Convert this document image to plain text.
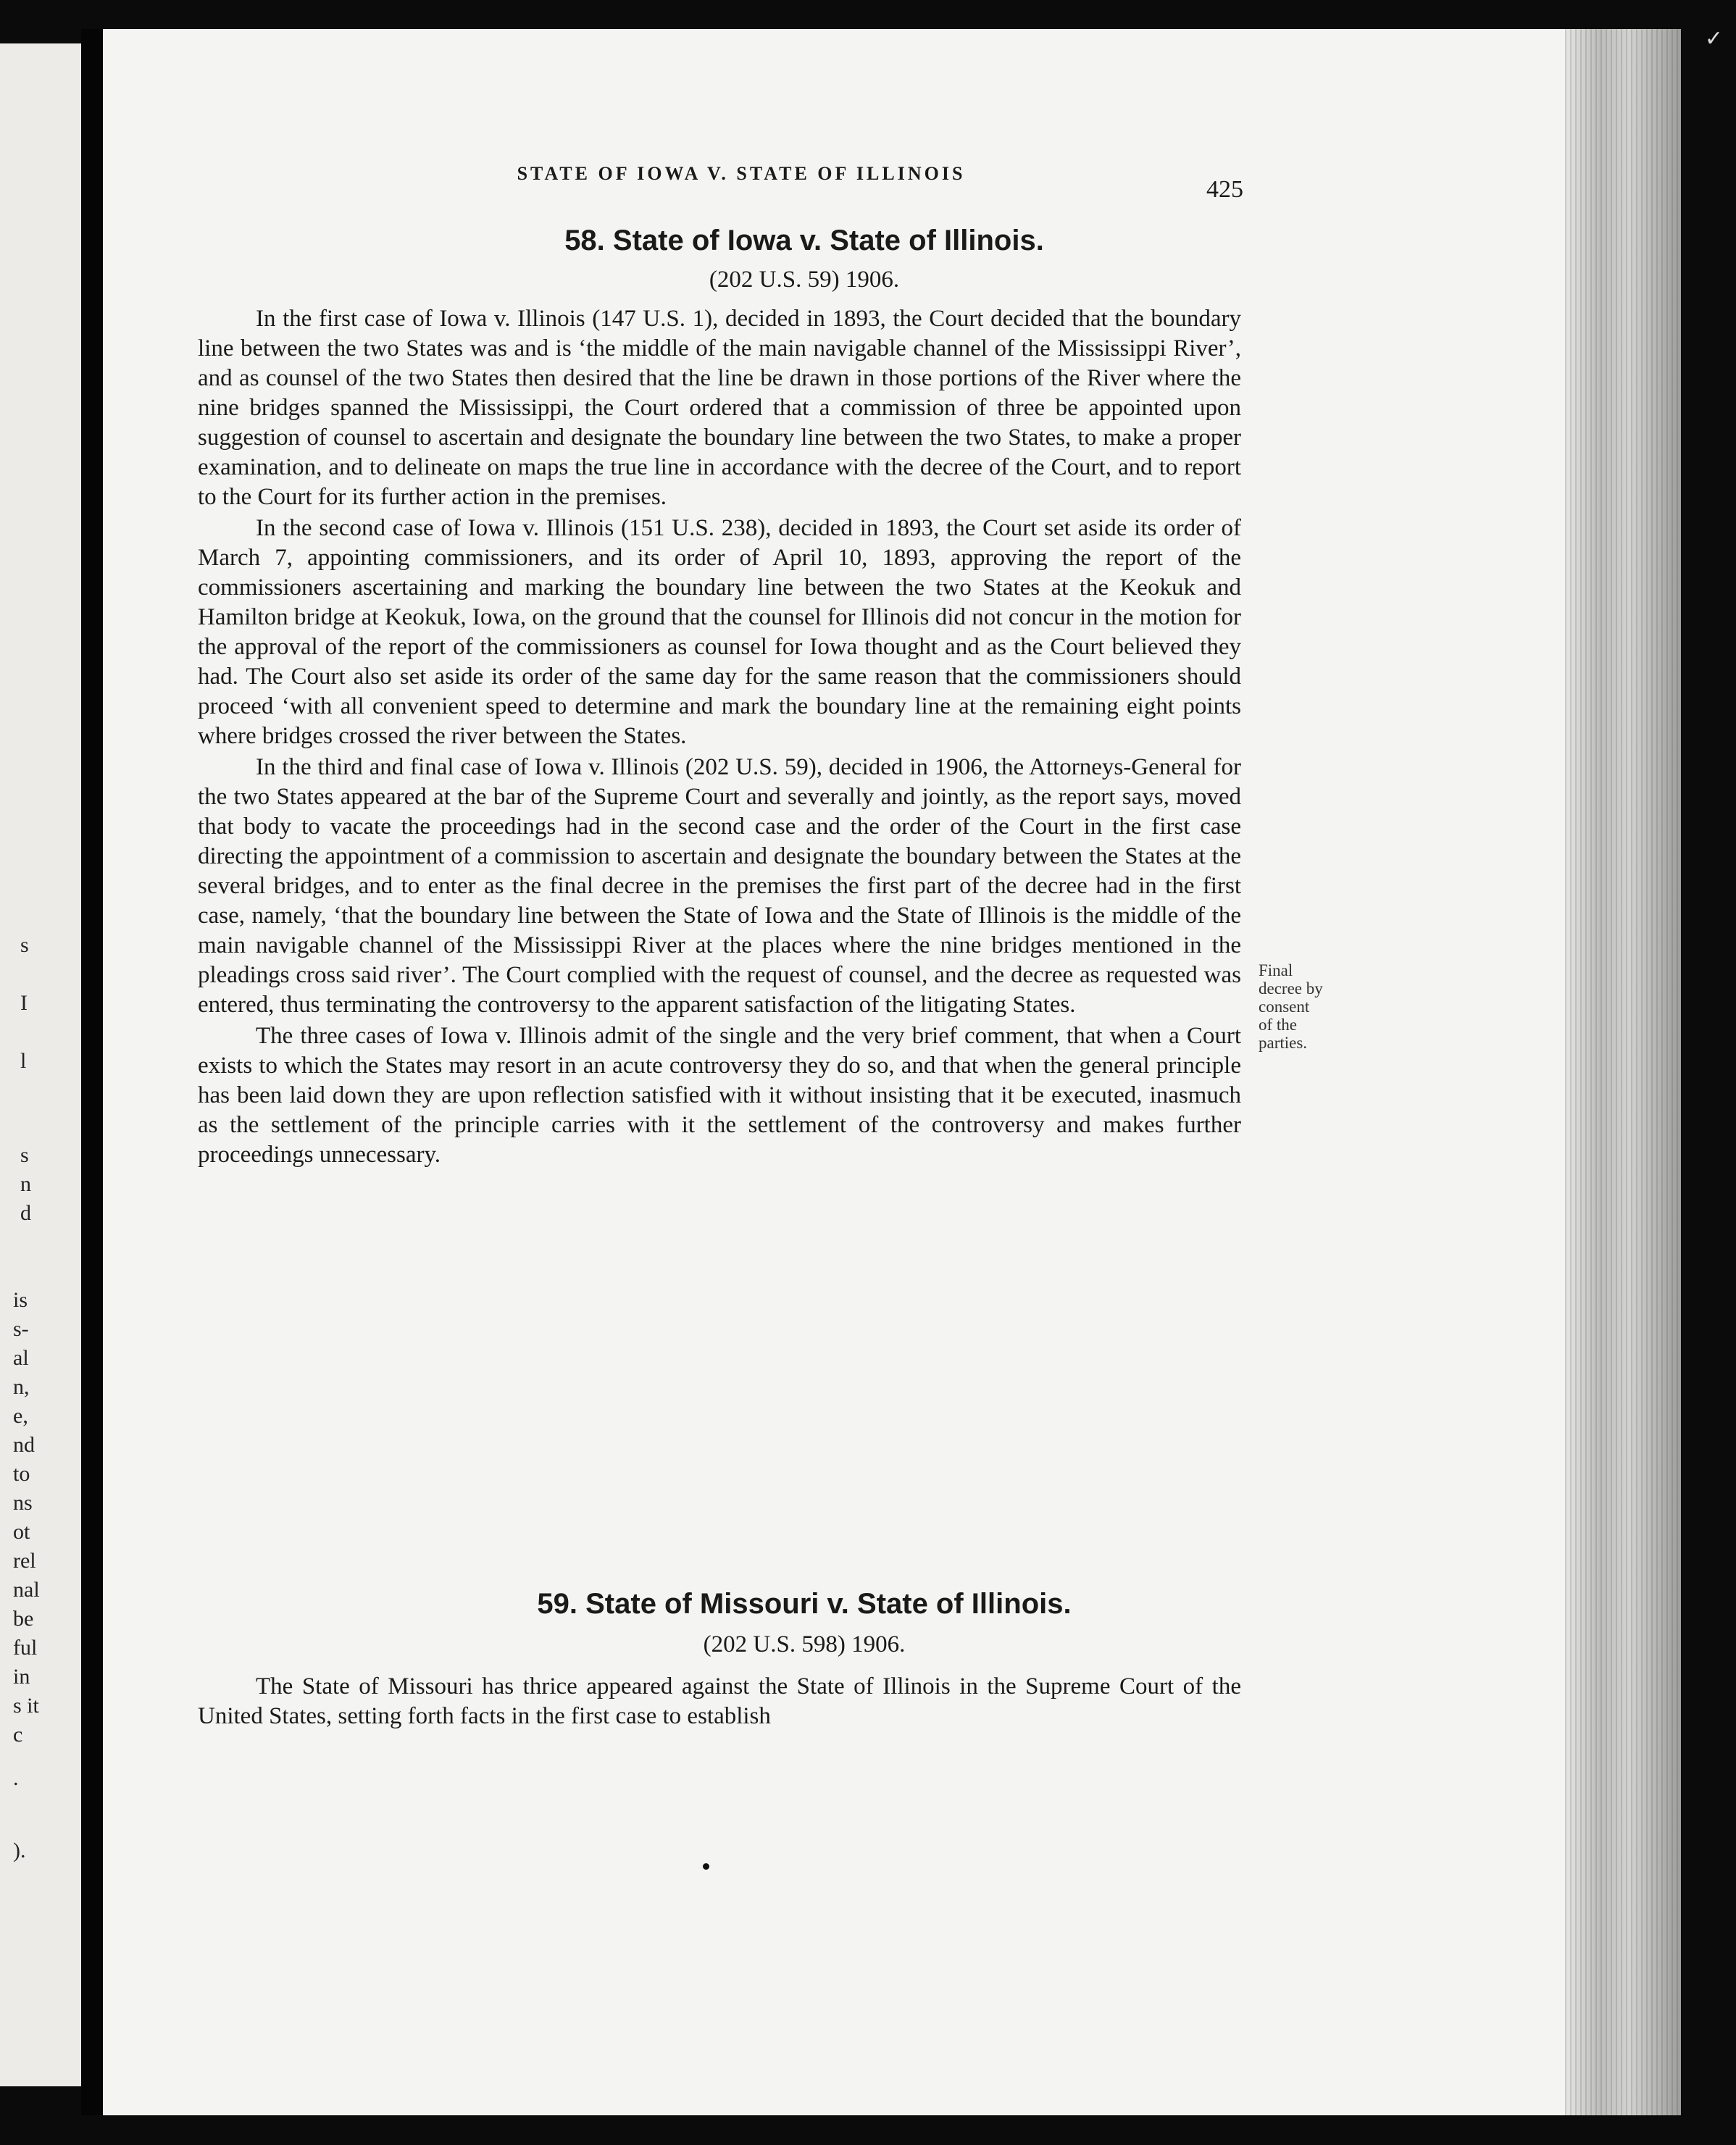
s
I
l
s
n
d
is
s-
al
n,
e,
nd
to
ns
ot
rel
nal
be
ful
in
s it
c
.
).
✓
STATE OF IOWA V. STATE OF ILLINOIS
425
58. State of Iowa v. State of Illinois.
(202 U.S. 59) 1906.

In the first case of Iowa v. Illinois (147 U.S. 1), decided in 1893, the Court decided that the boundary line between the two States was and is ‘the middle of the main navigable channel of the Mississippi River’, and as counsel of the two States then desired that the line be drawn in those portions of the River where the nine bridges spanned the Mississippi, the Court ordered that a commission of three be appointed upon suggestion of counsel to ascertain and designate the boundary line between the two States, to make a proper examination, and to delineate on maps the true line in accordance with the decree of the Court, and to report to the Court for its further action in the premises.

In the second case of Iowa v. Illinois (151 U.S. 238), decided in 1893, the Court set aside its order of March 7, appointing commissioners, and its order of April 10, 1893, approving the report of the commissioners ascertaining and marking the boundary line between the two States at the Keokuk and Hamilton bridge at Keokuk, Iowa, on the ground that the counsel for Illinois did not concur in the motion for the approval of the report of the commissioners as counsel for Iowa thought and as the Court believed they had. The Court also set aside its order of the same day for the same reason that the commissioners should proceed ‘with all convenient speed to determine and mark the boundary line at the remaining eight points where bridges crossed the river between the States.

In the third and final case of Iowa v. Illinois (202 U.S. 59), decided in 1906, the Attorneys-General for the two States appeared at the bar of the Supreme Court and severally and jointly, as the report says, moved that body to vacate the proceedings had in the second case and the order of the Court in the first case directing the appointment of a commission to ascertain and designate the boundary between the States at the several bridges, and to enter as the final decree in the premises the first part of the decree had in the first case, namely, ‘that the boundary line between the State of Iowa and the State of Illinois is the middle of the main navigable channel of the Mississippi River at the places where the nine bridges mentioned in the pleadings cross said river’. The Court complied with the request of counsel, and the decree as requested was entered, thus terminating the controversy to the apparent satisfaction of the litigating States.

The three cases of Iowa v. Illinois admit of the single and the very brief comment, that when a Court exists to which the States may resort in an acute controversy they do so, and that when the general principle has been laid down they are upon reflection satisfied with it without insisting that it be executed, inasmuch as the settlement of the principle carries with it the settlement of the controversy and makes further proceedings unnecessary.

Final
decree by
consent
of the
parties.
59. State of Missouri v. State of Illinois.
(202 U.S. 598) 1906.

The State of Missouri has thrice appeared against the State of Illinois in the Supreme Court of the United States, setting forth facts in the first case to establish
